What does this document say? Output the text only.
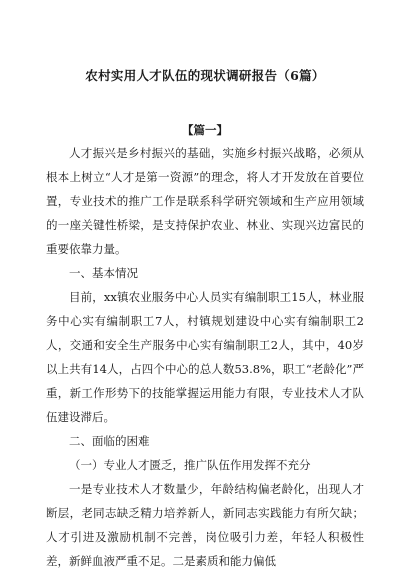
农村实用人才队伍的现状调研报告（6篇）
【篇一】

人才振兴是乡村振兴的基础，实施乡村振兴战略，必须从根本上树立“人才是第一资源”的理念，将人才开发放在首要位置，专业技术的推广工作是联系科学研究领域和生产应用领域的一座关键性桥梁，是支持保护农业、林业、实现兴边富民的重要依靠力量。

一、基本情况

目前，xx镇农业服务中心人员实有编制职工15人，林业服务中心实有编制职工7人，村镇规划建设中心实有编制职工2人，交通和安全生产服务中心实有编制职工2人，其中，40岁以上共有14人，占四个中心的总人数53.8%，职工“老龄化”严重，新工作形势下的技能掌握运用能力有限，专业技术人才队伍建设滞后。

二、面临的困难

（一）专业人才匮乏，推广队伍作用发挥不充分

一是专业技术人才数量少，年龄结构偏老龄化，出现人才断层，老同志缺乏精力培养新人，新同志实践能力有所欠缺；人才引进及激励机制不完善，岗位吸引力差，年轻人积极性差，新鲜血液严重不足。二是素质和能力偏低
